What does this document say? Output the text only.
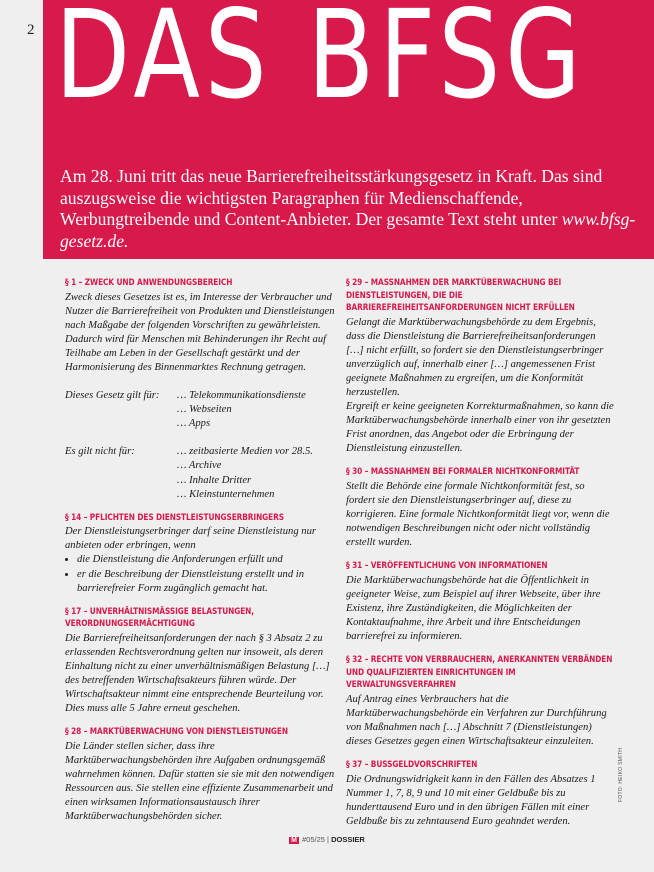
2 DAS BFSG

Am 28. Juni tritt das neue Barrierefreiheitsstärkungsgesetz in Kraft. Das sind auszugsweise die wichtigsten Paragraphen für Medienschaffende, Werbungtreibende und Content-Anbieter. Der gesamte Text steht unter www.bfsg-gesetz.de.

§ 1 – ZWECK UND ANWENDUNGSBEREICH

Zweck dieses Gesetzes ist es, im Interesse der Verbraucher und Nutzer die Barrierefreiheit von Produkten und Dienstleistungen nach Maßgabe der folgenden Vorschriften zu gewährleisten. Dadurch wird für Menschen mit Behinderungen ihr Recht auf Teilhabe am Leben in der Gesellschaft gestärkt und der Harmonisierung des Binnenmarktes Rechnung getragen.

Dieses Gesetz gilt für:	… Telekommunikationsdienste
… Webseiten
… Apps
Es gilt nicht für:	… zeitbasierte Medien vor 28.5.
… Archive
… Inhalte Dritter
… Kleinstunternehmen
§ 14 – PFLICHTEN DES DIENSTLEISTUNGSERBRINGERS

Der Dienstleistungserbringer darf seine Dienstleistung nur anbieten oder erbringen, wenn

• die Dienstleistung die Anforderungen erfüllt und
• er die Beschreibung der Dienstleistung erstellt und in barrierefreier Form zugänglich gemacht hat.
§ 17 – UNVERHÄLTNISMÄSSIGE BELASTUNGEN, VERORDNUNGSERMÄCHTIGUNG

Die Barrierefreiheitsanforderungen der nach § 3 Absatz 2 zu erlassenden Rechtsverordnung gelten nur insoweit, als deren Einhaltung nicht zu einer unverhältnismäßigen Belastung […] des betreffenden Wirtschaftsakteurs führen würde. Der Wirtschaftsakteur nimmt eine entsprechende Beurteilung vor. Dies muss alle 5 Jahre erneut geschehen.

§ 28 – MARKTÜBERWACHUNG VON DIENSTLEISTUNGEN

Die Länder stellen sicher, dass ihre Marktüberwachungsbehörden ihre Aufgaben ordnungsgemäß wahrnehmen können. Dafür statten sie sie mit den notwendigen Ressourcen aus. Sie stellen eine effiziente Zusammenarbeit und einen wirksamen Informationsaustausch ihrer Marktüberwachungsbehörden sicher.

§ 29 – MASSNAHMEN DER MARKTÜBERWACHUNG BEI DIENSTLEISTUNGEN, DIE DIE BARRIEREFREIHEITSANFORDERUNGEN NICHT ERFÜLLEN

Gelangt die Marktüberwachungsbehörde zu dem Ergebnis, dass die Dienstleistung die Barrierefreiheitsanforderungen […] nicht erfüllt, so fordert sie den Dienstleistungserbringer unverzüglich auf, innerhalb einer […] angemessenen Frist geeignete Maßnahmen zu ergreifen, um die Konformität herzustellen.

Ergreift er keine geeigneten Korrekturmaßnahmen, so kann die Marktüberwachungsbehörde innerhalb einer von ihr gesetzten Frist anordnen, das Angebot oder die Erbringung der Dienstleistung einzustellen.

§ 30 – MASSNAHMEN BEI FORMALER NICHTKONFORMITÄT

Stellt die Behörde eine formale Nichtkonformität fest, so fordert sie den Dienstleistungserbringer auf, diese zu korrigieren. Eine formale Nichtkonformität liegt vor, wenn die notwendigen Beschreibungen nicht oder nicht vollständig erstellt wurden.

§ 31 – VERÖFFENTLICHUNG VON INFORMATIONEN

Die Marktüberwachungsbehörde hat die Öffentlichkeit in geeigneter Weise, zum Beispiel auf ihrer Webseite, über ihre Existenz, ihre Zuständigkeiten, die Möglichkeiten der Kontaktaufnahme, ihre Arbeit und ihre Entscheidungen barrierefrei zu informieren.

§ 32 – RECHTE VON VERBRAUCHERN, ANERKANNTEN VERBÄNDEN UND QUALIFIZIERTEN EINRICHTUNGEN IM VERWALTUNGSVERFAHREN

Auf Antrag eines Verbrauchers hat die Marktüberwachungsbehörde ein Verfahren zur Durchführung von Maßnahmen nach […] Abschnitt 7 (Dienstleistungen) dieses Gesetzes gegen einen Wirtschaftsakteur einzuleiten.

§ 37 – BUSSGELDVORSCHRIFTEN

Die Ordnungswidrigkeit kann in den Fällen des Absatzes 1 Nummer 1, 7, 8, 9 und 10 mit einer Geldbuße bis zu hunderttausend Euro und in den übrigen Fällen mit einer Geldbuße bis zu zehntausend Euro geahndet werden.

FOTO: HEIKO SMITH
M #05/25 | DOSSIER
